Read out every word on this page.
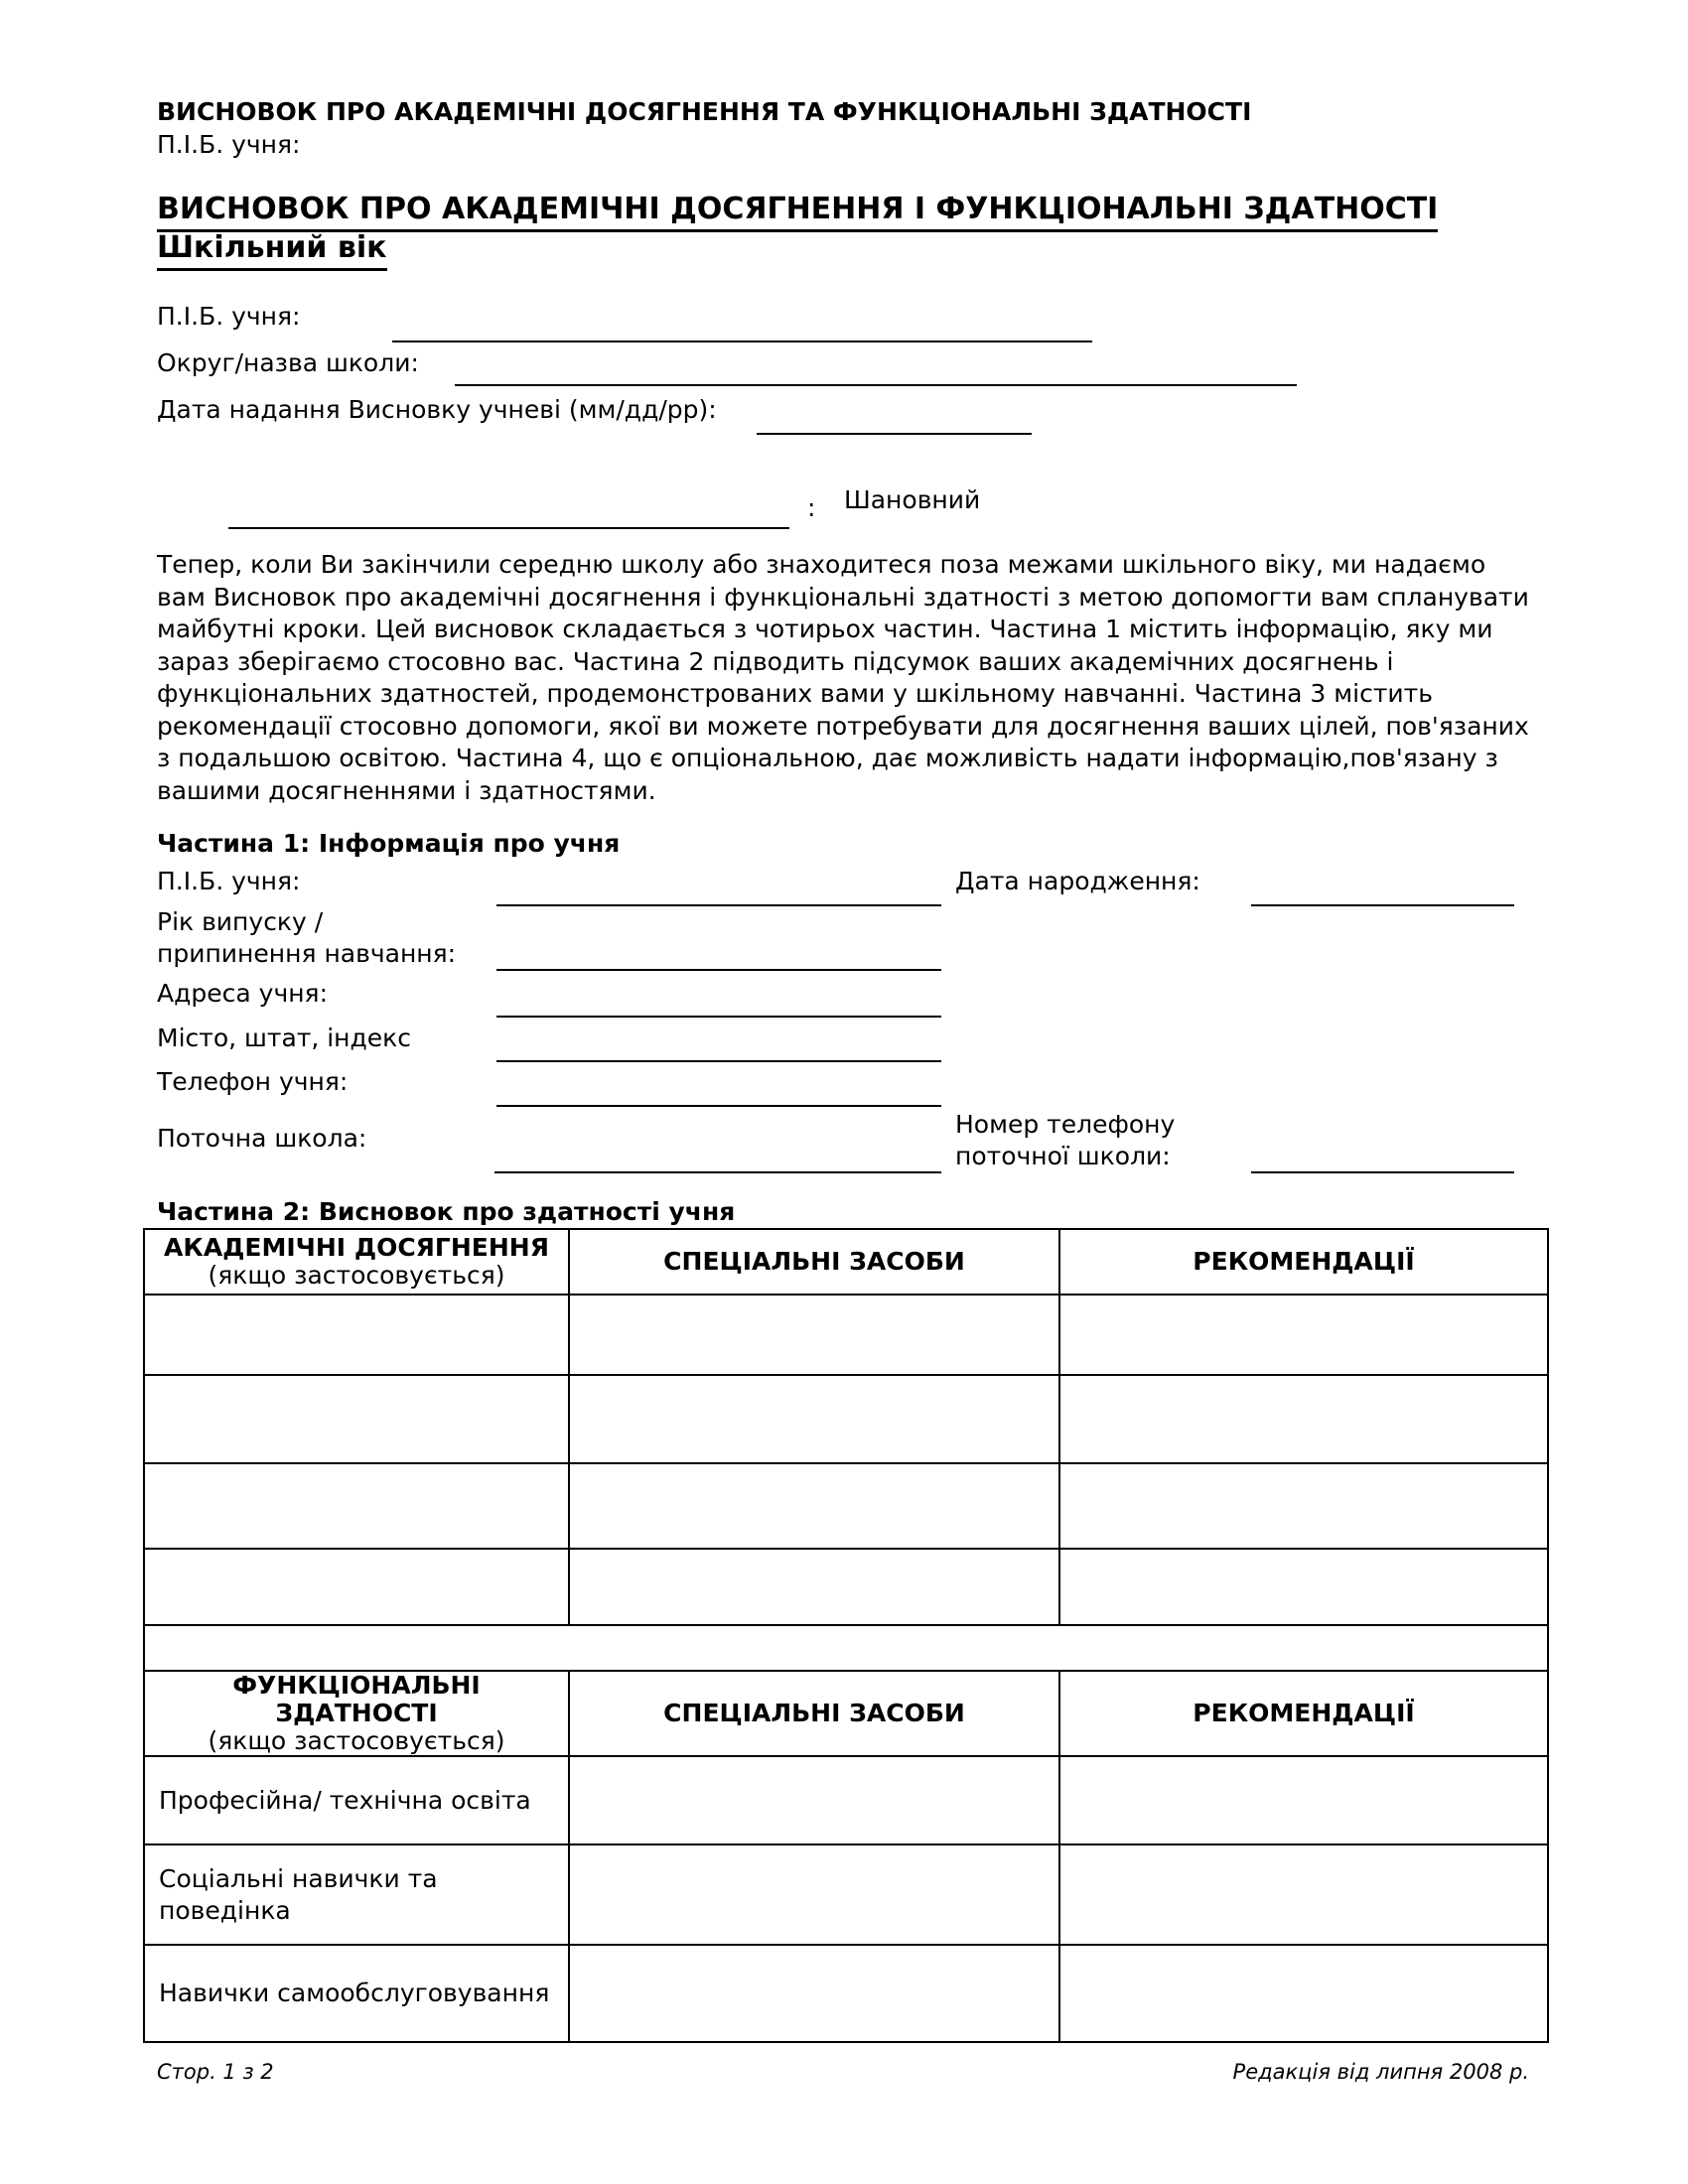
ВИСНОВОК ПРО АКАДЕМІЧНІ ДОСЯГНЕННЯ ТА ФУНКЦІОНАЛЬНІ ЗДАТНОСТІ
П.І.Б. учня:
ВИСНОВОК ПРО АКАДЕМІЧНІ ДОСЯГНЕННЯ І ФУНКЦІОНАЛЬНІ ЗДАТНОСТІ
Шкільний вік
П.І.Б. учня:
Округ/назва школи:
Дата надання Висновку учневі (мм/дд/рр):
: Шановний
Тепер, коли Ви закінчили середню школу або знаходитеся поза межами шкільного віку, ми надаємо вам Висновок про академічні досягнення і функціональні здатності з метою допомогти вам спланувати майбутні кроки. Цей висновок складається з чотирьох частин. Частина 1 містить інформацію, яку ми зараз зберігаємо стосовно вас. Частина 2 підводить підсумок ваших академічних досягнень і функціональних здатностей, продемонстрованих вами у шкільному навчанні. Частина 3 містить рекомендації стосовно допомоги, якої ви можете потребувати для досягнення ваших цілей, пов'язаних з подальшою освітою. Частина 4, що є опціональною, дає можливість надати інформацію,пов'язану з вашими досягненнями і здатностями.
Частина 1: Інформація про учня
П.І.Б. учня:	Дата народження:
Рік випуску /
припинення навчання:
Адреса учня:
Місто, штат, індекс
Телефон учня:
Поточна школа:	Номер телефону
поточної школи:
Частина 2: Висновок про здатності учня
АКАДЕМІЧНІ ДОСЯГНЕННЯ
(якщо застосовується)	СПЕЦІАЛЬНІ ЗАСОБИ	РЕКОМЕНДАЦІЇ

ФУНКЦІОНАЛЬНІ ЗДАТНОСТІ
(якщо застосовується)	СПЕЦІАЛЬНІ ЗАСОБИ	РЕКОМЕНДАЦІЇ
Професійна/ технічна освіта		
Соціальні навички та поведінка		
Навички самообслуговування		
Стор. 1 з 2	Редакція від липня 2008 р.
